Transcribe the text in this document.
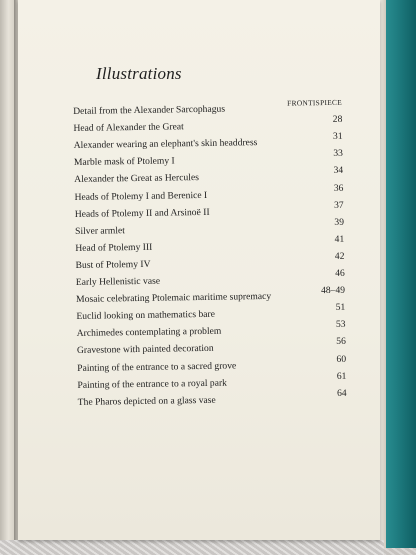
Illustrations
Detail from the Alexander Sarcophagus
FRONTISPIECE
Head of Alexander the Great
28
Alexander wearing an elephant's skin headdress
31
Marble mask of Ptolemy I
33
Alexander the Great as Hercules
34
Heads of Ptolemy I and Berenice I
36
Heads of Ptolemy II and Arsinoë II
37
Silver armlet
39
Head of Ptolemy III
41
Bust of Ptolemy IV
42
Early Hellenistic vase
46
Mosaic celebrating Ptolemaic maritime supremacy
48–49
Euclid looking on mathematics bare
51
Archimedes contemplating a problem
53
Gravestone with painted decoration
56
Painting of the entrance to a sacred grove
60
Painting of the entrance to a royal park
61
The Pharos depicted on a glass vase
64
